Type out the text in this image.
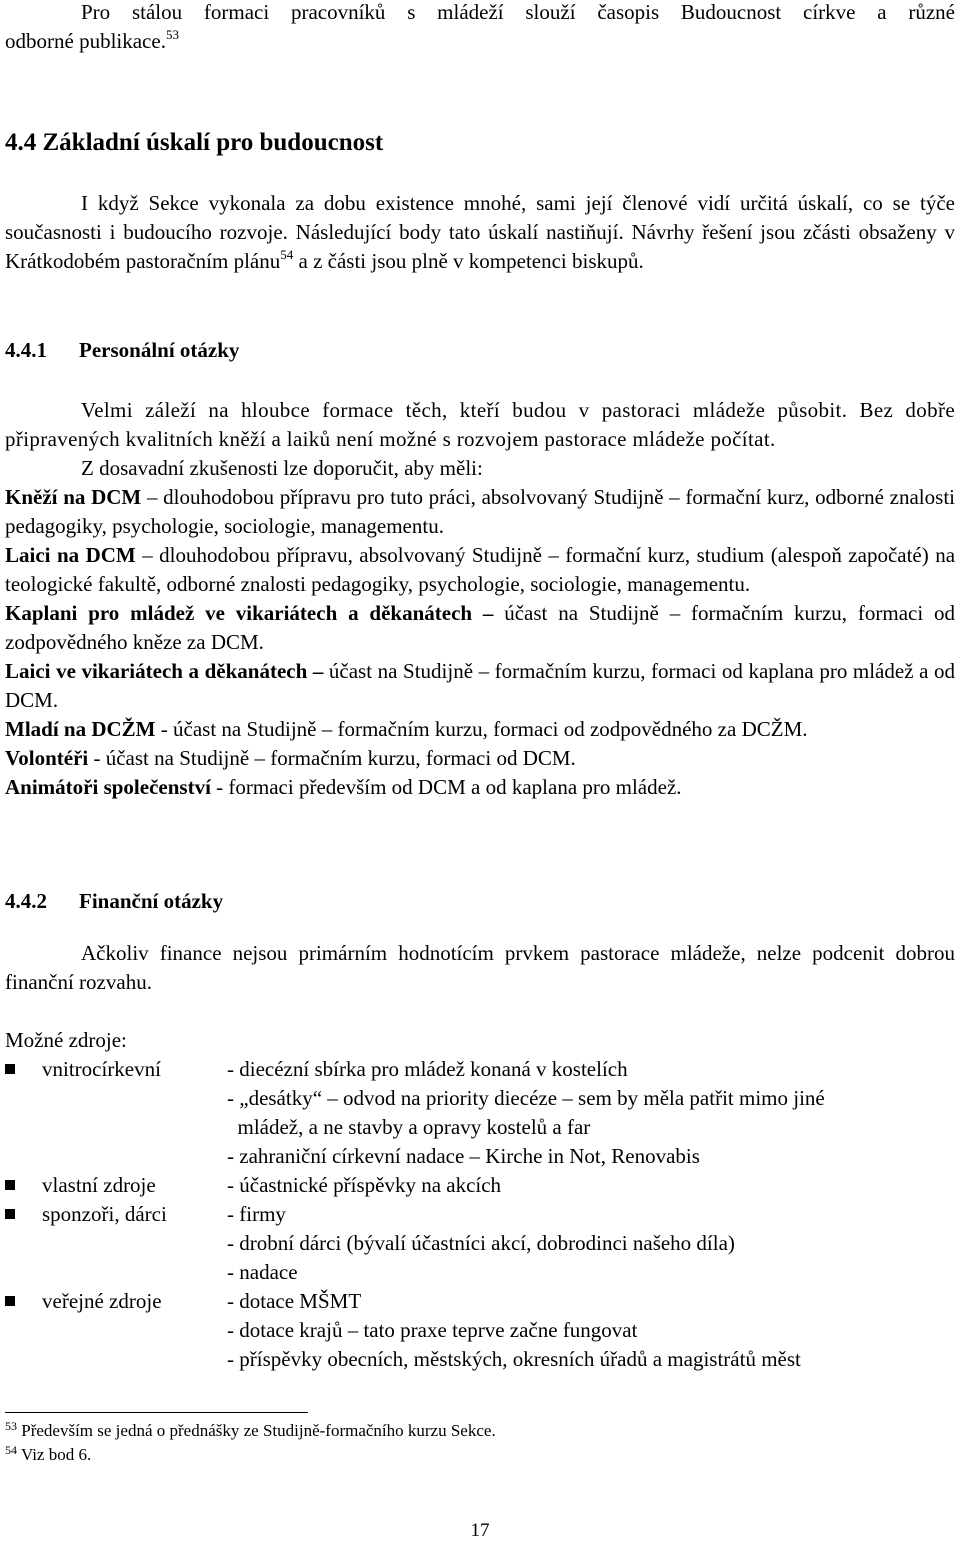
Pro stálou formaci pracovníků s mládeží slouží časopis Budoucnost církve a různé

odborné publikace.$^{53}$

4.4 Základní úskalí pro budoucnost

I když Sekce vykonala za dobu existence mnohé, sami její členové vidí určitá úskalí, co se týče současnosti i budoucího rozvoje. Následující body tato úskalí nastiňují. Návrhy řešení jsou zčásti obsaženy v Krátkodobém pastoračním plánu$^{54}$ a z části jsou plně v kompetenci biskupů.

4.4.1 Personální otázky

Velmi záleží na hloubce formace těch, kteří budou v pastoraci mládeže působit. Bez dobře připravených kvalitních kněží a laiků není možné s rozvojem pastorace mládeže počítat.

Z dosavadní zkušenosti lze doporučit, aby měli:

Kněží na DCM – dlouhodobou přípravu pro tuto práci, absolvovaný Studijně – formační kurz, odborné znalosti pedagogiky, psychologie, sociologie, managementu.

Laici na DCM – dlouhodobou přípravu, absolvovaný Studijně – formační kurz, studium (alespoň započaté) na teologické fakultě, odborné znalosti pedagogiky, psychologie, sociologie, managementu.

Kaplani pro mládež ve vikariátech a děkanátech – účast na Studijně – formačním kurzu, formaci od zodpovědného kněze za DCM.

Laici ve vikariátech a děkanátech – účast na Studijně – formačním kurzu, formaci od kaplana pro mládež a od DCM.

Mladí na DCŽM - účast na Studijně – formačním kurzu, formaci od zodpovědného za DCŽM.

Volontéři - účast na Studijně – formačním kurzu, formaci od DCM.

Animátoři společenství - formaci především od DCM a od kaplana pro mládež.

4.4.2 Finanční otázky

Ačkoliv finance nejsou primárním hodnotícím prvkem pastorace mládeže, nelze podcenit dobrou finanční rozvahu.

Možné zdroje:

vnitrocírkevní	- diecézní sbírka pro mládež konaná v kostelích
- „desátky“ – odvod na priority diecéze – sem by měla patřit mimo jiné
mládež, a ne stavby a opravy kostelů a far
- zahraniční církevní nadace – Kirche in Not, Renovabis
vlastní zdroje	- účastnické příspěvky na akcích
sponzoři, dárci	- firmy
- drobní dárci (bývalí účastníci akcí, dobrodinci našeho díla)
- nadace
veřejné zdroje	- dotace MŠMT
- dotace krajů – tato praxe teprve začne fungovat
- příspěvky obecních, městských, okresních úřadů a magistrátů měst
$^{53}$ Především se jedná o přednášky ze Studijně-formačního kurzu Sekce.
$^{54}$ Viz bod 6.
17
